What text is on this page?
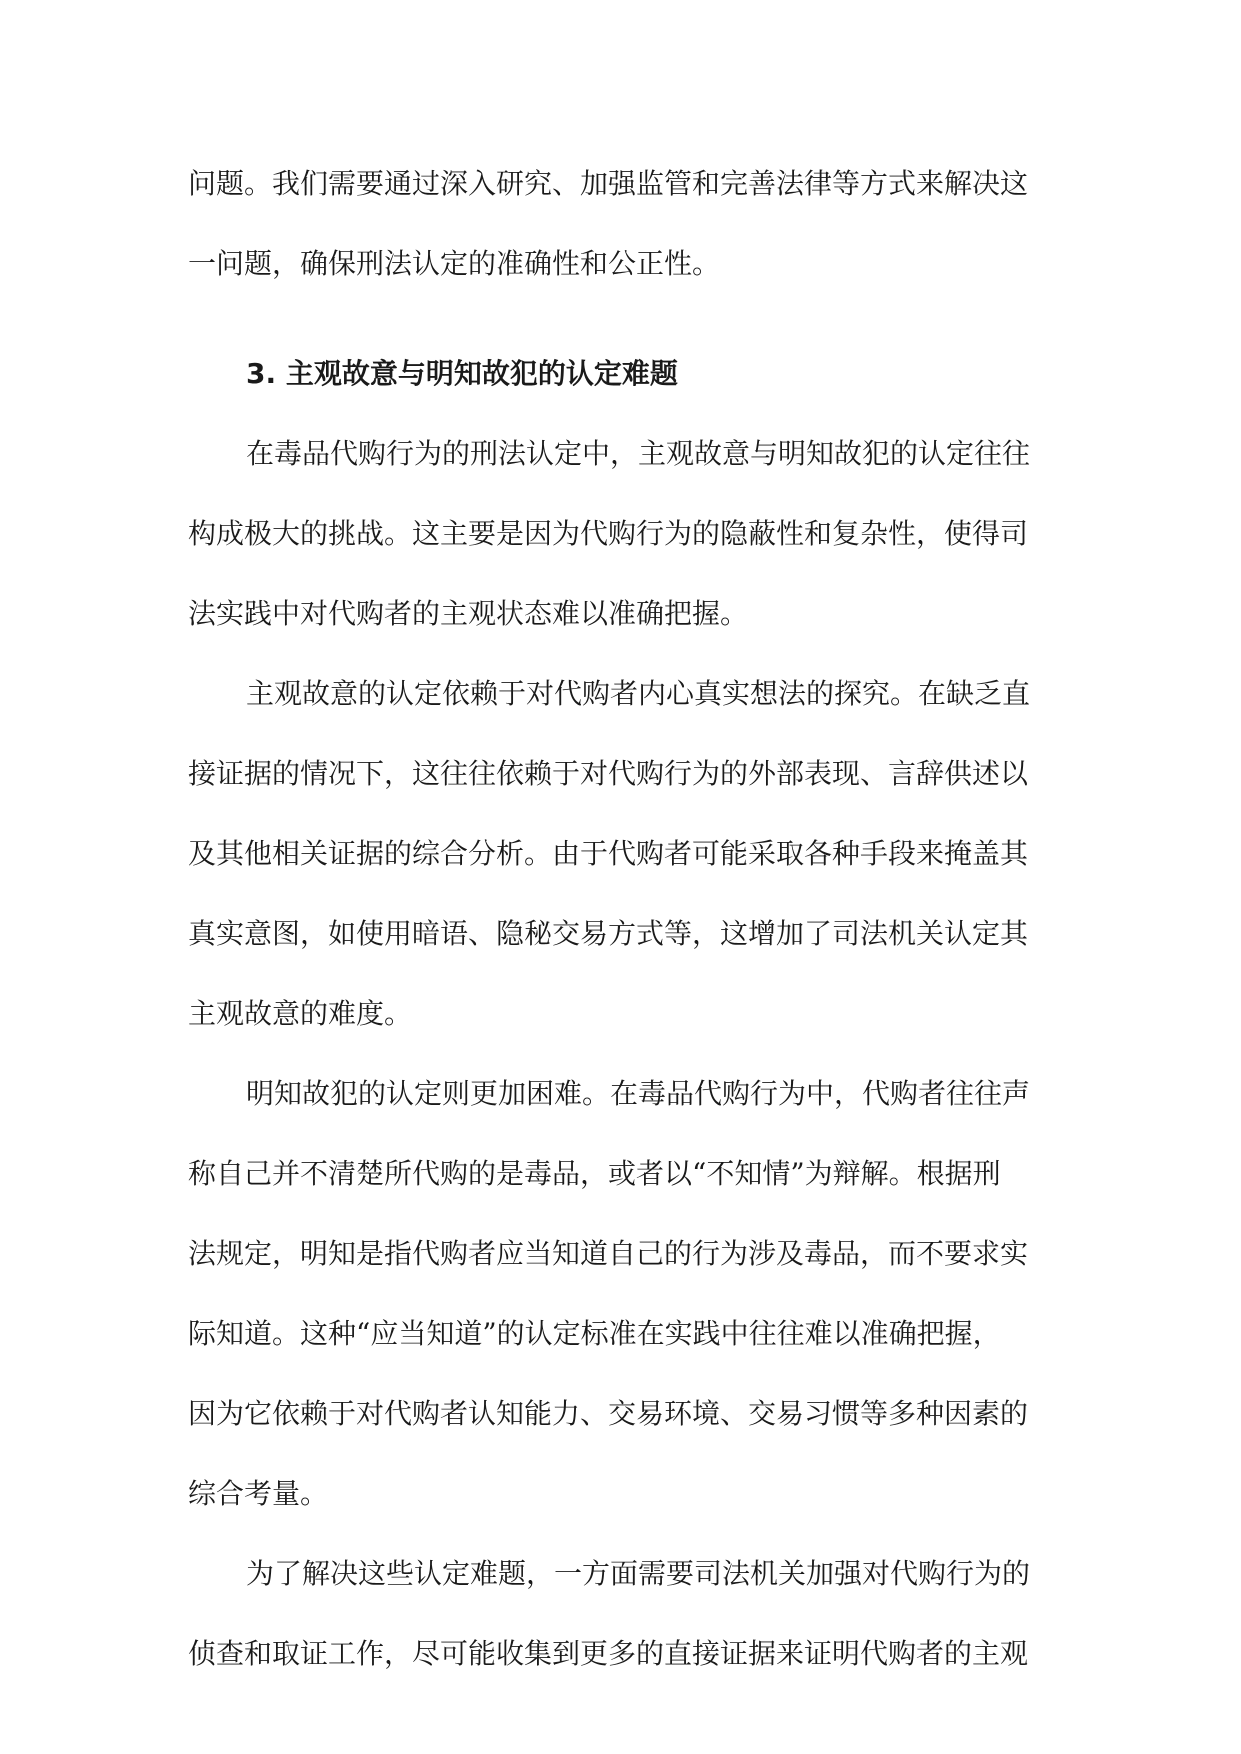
问题。我们需要通过深入研究、加强监管和完善法律等方式来解决这
一问题，确保刑法认定的准确性和公正性。
3. 主观故意与明知故犯的认定难题
在毒品代购行为的刑法认定中，主观故意与明知故犯的认定往往
构成极大的挑战。这主要是因为代购行为的隐蔽性和复杂性，使得司
法实践中对代购者的主观状态难以准确把握。
主观故意的认定依赖于对代购者内心真实想法的探究。在缺乏直
接证据的情况下，这往往依赖于对代购行为的外部表现、言辞供述以
及其他相关证据的综合分析。由于代购者可能采取各种手段来掩盖其
真实意图，如使用暗语、隐秘交易方式等，这增加了司法机关认定其
主观故意的难度。
明知故犯的认定则更加困难。在毒品代购行为中，代购者往往声
称自己并不清楚所代购的是毒品，或者以“不知情”为辩解。根据刑
法规定，明知是指代购者应当知道自己的行为涉及毒品，而不要求实
际知道。这种“应当知道”的认定标准在实践中往往难以准确把握，
因为它依赖于对代购者认知能力、交易环境、交易习惯等多种因素的
综合考量。
为了解决这些认定难题，一方面需要司法机关加强对代购行为的
侦查和取证工作，尽可能收集到更多的直接证据来证明代购者的主观
